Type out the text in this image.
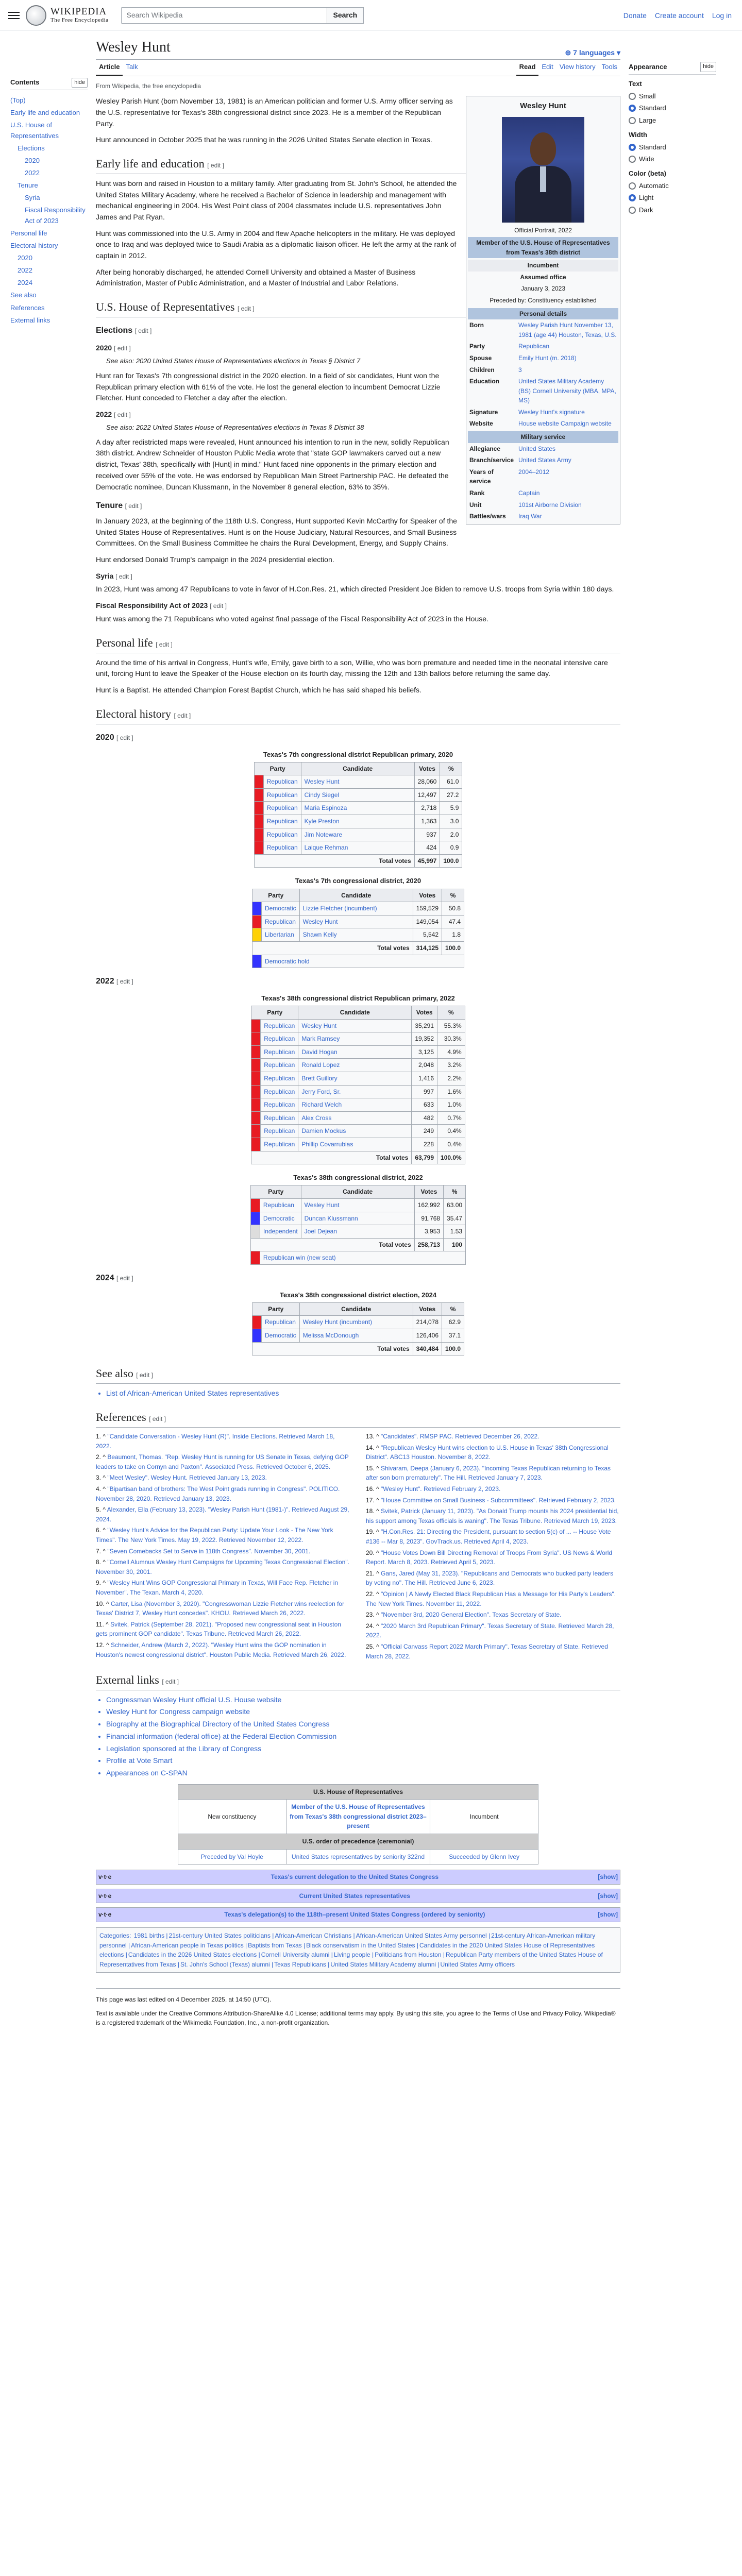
WIKIPEDIA
The Free Encyclopedia
Search Wikipedia	Search	Donate Create account Log in
Contents	hide
(Top)
Early life and education
U.S. House of Representatives
Elections
2020
2022
Tenure
Syria
Fiscal Responsibility Act of 2023
Personal life
Electoral history
2020
2022
2024
See also
References
External links
Wesley Hunt	⊕ 7 languages ▾
Article Talk	Read Edit View history Tools
From Wikipedia, the free encyclopedia
Wesley Hunt
Official Portrait, 2022
Member of the U.S. House of Representatives from Texas's 38th district
Incumbent
Assumed office
January 3, 2023
Preceded by: Constituency established
Personal details
Born	Wesley Parish Hunt November 13, 1981 (age 44) Houston, Texas, U.S.
Party	Republican
Spouse	Emily Hunt (m. 2018)
Children	3
Education	United States Military Academy (BS) Cornell University (MBA, MPA, MS)
Signature	Wesley Hunt's signature
Website	House website Campaign website
Military service
Allegiance	United States
Branch/service	United States Army
Years of service	2004–2012
Rank	Captain
Unit	101st Airborne Division
Battles/wars	Iraq War

Wesley Parish Hunt (born November 13, 1981) is an American politician and former U.S. Army officer serving as the U.S. representative for Texas's 38th congressional district since 2023. He is a member of the Republican Party.

Hunt announced in October 2025 that he was running in the 2026 United States Senate election in Texas.

Early life and education [ edit ]

Hunt was born and raised in Houston to a military family. After graduating from St. John's School, he attended the United States Military Academy, where he received a Bachelor of Science in leadership and management with mechanical engineering in 2004. His West Point class of 2004 classmates include U.S. representatives John James and Pat Ryan.

Hunt was commissioned into the U.S. Army in 2004 and flew Apache helicopters in the military. He was deployed once to Iraq and was deployed twice to Saudi Arabia as a diplomatic liaison officer. He left the army at the rank of captain in 2012.

After being honorably discharged, he attended Cornell University and obtained a Master of Business Administration, Master of Public Administration, and a Master of Industrial and Labor Relations.

U.S. House of Representatives [ edit ]
Elections [ edit ]
2020 [ edit ]
See also: 2020 United States House of Representatives elections in Texas § District 7

Hunt ran for Texas's 7th congressional district in the 2020 election. In a field of six candidates, Hunt won the Republican primary election with 61% of the vote. He lost the general election to incumbent Democrat Lizzie Fletcher. Hunt conceded to Fletcher a day after the election.

2022 [ edit ]
See also: 2022 United States House of Representatives elections in Texas § District 38

A day after redistricted maps were revealed, Hunt announced his intention to run in the new, solidly Republican 38th district. Andrew Schneider of Houston Public Media wrote that "state GOP lawmakers carved out a new district, Texas' 38th, specifically with [Hunt] in mind." Hunt faced nine opponents in the primary election and received over 55% of the vote. He was endorsed by Republican Main Street Partnership PAC. He defeated the Democratic nominee, Duncan Klussmann, in the November 8 general election, 63% to 35%.

Tenure [ edit ]

In January 2023, at the beginning of the 118th U.S. Congress, Hunt supported Kevin McCarthy for Speaker of the United States House of Representatives. Hunt is on the House Judiciary, Natural Resources, and Small Business Committees. On the Small Business Committee he chairs the Rural Development, Energy, and Supply Chains.

Hunt endorsed Donald Trump's campaign in the 2024 presidential election.

Syria [ edit ]

In 2023, Hunt was among 47 Republicans to vote in favor of H.Con.Res. 21, which directed President Joe Biden to remove U.S. troops from Syria within 180 days.

Fiscal Responsibility Act of 2023 [ edit ]

Hunt was among the 71 Republicans who voted against final passage of the Fiscal Responsibility Act of 2023 in the House.

Personal life [ edit ]

Around the time of his arrival in Congress, Hunt's wife, Emily, gave birth to a son, Willie, who was born premature and needed time in the neonatal intensive care unit, forcing Hunt to leave the Speaker of the House election on its fourth day, missing the 12th and 13th ballots before returning the same day.

Hunt is a Baptist. He attended Champion Forest Baptist Church, which he has said shaped his beliefs.

Electoral history [ edit ]
2020 [ edit ]
Texas's 7th congressional district Republican primary, 2020
Party		Candidate	Votes	%
	Republican	Wesley Hunt	28,060	61.0
	Republican	Cindy Siegel	12,497	27.2
	Republican	Maria Espinoza	2,718	5.9
	Republican	Kyle Preston	1,363	3.0
	Republican	Jim Noteware	937	2.0
	Republican	Laique Rehman	424	0.9
Total votes			45,997	100.0
Texas's 7th congressional district, 2020
Party		Candidate	Votes	%
	Democratic	Lizzie Fletcher (incumbent)	159,529	50.8
	Republican	Wesley Hunt	149,054	47.4
	Libertarian	Shawn Kelly	5,542	1.8
Total votes			314,125	100.0
	Democratic hold			
2022 [ edit ]
Texas's 38th congressional district Republican primary, 2022
Party		Candidate	Votes	%
	Republican	Wesley Hunt	35,291	55.3%
	Republican	Mark Ramsey	19,352	30.3%
	Republican	David Hogan	3,125	4.9%
	Republican	Ronald Lopez	2,048	3.2%
	Republican	Brett Guillory	1,416	2.2%
	Republican	Jerry Ford, Sr.	997	1.6%
	Republican	Richard Welch	633	1.0%
	Republican	Alex Cross	482	0.7%
	Republican	Damien Mockus	249	0.4%
	Republican	Phillip Covarrubias	228	0.4%
Total votes			63,799	100.0%
Texas's 38th congressional district, 2022
Party		Candidate	Votes	%
	Republican	Wesley Hunt	162,992	63.00
	Democratic	Duncan Klussmann	91,768	35.47
	Independent	Joel Dejean	3,953	1.53
Total votes			258,713	100
	Republican win (new seat)			
2024 [ edit ]
Texas's 38th congressional district election, 2024
Party		Candidate	Votes	%
	Republican	Wesley Hunt (incumbent)	214,078	62.9
	Democratic	Melissa McDonough	126,406	37.1
Total votes			340,484	100.0
See also [ edit ]
• List of African-American United States representatives
References [ edit ]
1. ^ "Candidate Conversation - Wesley Hunt (R)". Inside Elections. Retrieved March 18, 2022.
2. ^ Beaumont, Thomas. "Rep. Wesley Hunt is running for US Senate in Texas, defying GOP leaders to take on Cornyn and Paxton". Associated Press. Retrieved October 6, 2025.
3. ^ "Meet Wesley". Wesley Hunt. Retrieved January 13, 2023.
4. ^ "Bipartisan band of brothers: The West Point grads running in Congress". POLITICO. November 28, 2020. Retrieved January 13, 2023.
5. ^ Alexander, Ella (February 13, 2023). "Wesley Parish Hunt (1981-)". Retrieved August 29, 2024.
6. ^ "Wesley Hunt's Advice for the Republican Party: Update Your Look - The New York Times". The New York Times. May 19, 2022. Retrieved November 12, 2022.
7. ^ "Seven Comebacks Set to Serve in 118th Congress". November 30, 2001.
8. ^ "Cornell Alumnus Wesley Hunt Campaigns for Upcoming Texas Congressional Election". November 30, 2001.
9. ^ "Wesley Hunt Wins GOP Congressional Primary in Texas, Will Face Rep. Fletcher in November". The Texan. March 4, 2020.
10. ^ Carter, Lisa (November 3, 2020). "Congresswoman Lizzie Fletcher wins reelection for Texas' District 7, Wesley Hunt concedes". KHOU. Retrieved March 26, 2022.
11. ^ Svitek, Patrick (September 28, 2021). "Proposed new congressional seat in Houston gets prominent GOP candidate". Texas Tribune. Retrieved March 26, 2022.
12. ^ Schneider, Andrew (March 2, 2022). "Wesley Hunt wins the GOP nomination in Houston's newest congressional district". Houston Public Media. Retrieved March 26, 2022.
13. ^ "Candidates". RMSP PAC. Retrieved December 26, 2022.
14. ^ "Republican Wesley Hunt wins election to U.S. House in Texas' 38th Congressional District". ABC13 Houston. November 8, 2022.
15. ^ Shivaram, Deepa (January 6, 2023). "Incoming Texas Republican returning to Texas after son born prematurely". The Hill. Retrieved January 7, 2023.
16. ^ "Wesley Hunt". Retrieved February 2, 2023.
17. ^ "House Committee on Small Business - Subcommittees". Retrieved February 2, 2023.
18. ^ Svitek, Patrick (January 11, 2023). "As Donald Trump mounts his 2024 presidential bid, his support among Texas officials is waning". The Texas Tribune. Retrieved March 19, 2023.
19. ^ "H.Con.Res. 21: Directing the President, pursuant to section 5(c) of ... -- House Vote #136 -- Mar 8, 2023". GovTrack.us. Retrieved April 4, 2023.
20. ^ "House Votes Down Bill Directing Removal of Troops From Syria". US News & World Report. March 8, 2023. Retrieved April 5, 2023.
21. ^ Gans, Jared (May 31, 2023). "Republicans and Democrats who bucked party leaders by voting no". The Hill. Retrieved June 6, 2023.
22. ^ "Opinion | A Newly Elected Black Republican Has a Message for His Party's Leaders". The New York Times. November 11, 2022.
23. ^ "November 3rd, 2020 General Election". Texas Secretary of State.
24. ^ "2020 March 3rd Republican Primary". Texas Secretary of State. Retrieved March 28, 2022.
25. ^ "Official Canvass Report 2022 March Primary". Texas Secretary of State. Retrieved March 28, 2022.
External links [ edit ]
• Congressman Wesley Hunt official U.S. House website
• Wesley Hunt for Congress campaign website
• Biography at the Biographical Directory of the United States Congress
• Financial information (federal office) at the Federal Election Commission
• Legislation sponsored at the Library of Congress
• Profile at Vote Smart
• Appearances on C-SPAN
U.S. House of Representatives		
New constituency	Member of the U.S. House of Representatives from Texas's 38th congressional district 2023–present	Incumbent
U.S. order of precedence (ceremonial)		
Preceded by Val Hoyle	United States representatives by seniority 322nd	Succeeded by Glenn Ivey
v·t·e	Texas's current delegation to the United States Congress	[show]
v·t·e	Current United States representatives	[show]
v·t·e	Texas's delegation(s) to the 118th–present United States Congress (ordered by seniority)	[show]
Categories: 1981 births | 21st-century United States politicians | African-American Christians | African-American United States Army personnel | 21st-century African-American military personnel | African-American people in Texas politics | Baptists from Texas | Black conservatism in the United States | Candidates in the 2020 United States House of Representatives elections | Candidates in the 2026 United States elections | Cornell University alumni | Living people | Politicians from Houston | Republican Party members of the United States House of Representatives from Texas | St. John's School (Texas) alumni | Texas Republicans | United States Military Academy alumni | United States Army officers
This page was last edited on 4 December 2025, at 14:50 (UTC).
Text is available under the Creative Commons Attribution-ShareAlike 4.0 License; additional terms may apply. By using this site, you agree to the Terms of Use and Privacy Policy. Wikipedia® is a registered trademark of the Wikimedia Foundation, Inc., a non-profit organization.
Appearance	hide
Text
Small
Standard
Large
Width
Standard
Wide
Color (beta)
Automatic
Light
Dark
